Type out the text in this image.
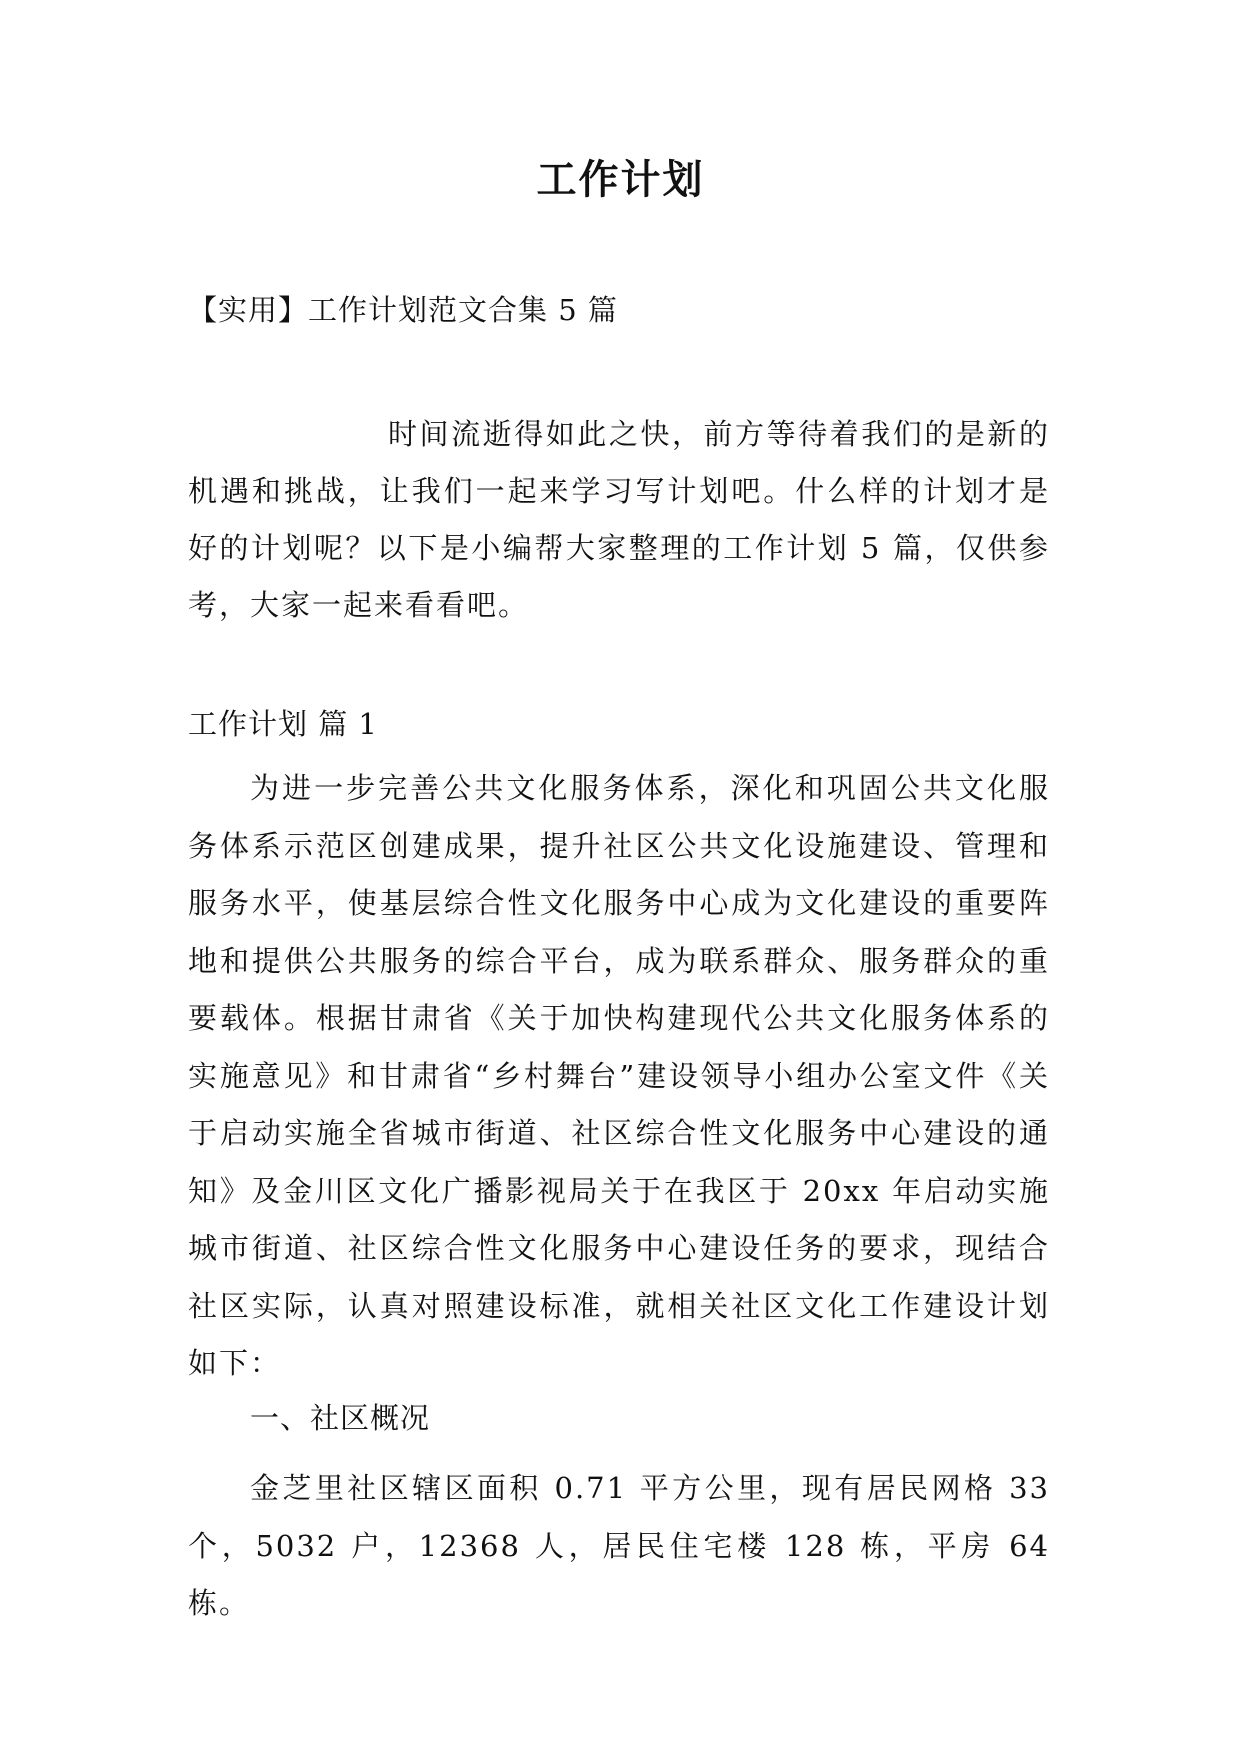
工作计划

【实用】工作计划范文合集 5 篇

时间流逝得如此之快，前方等待着我们的是新的机遇和挑战，让我们一起来学习写计划吧。什么样的计划才是好的计划呢？以下是小编帮大家整理的工作计划 5 篇，仅供参考，大家一起来看看吧。

工作计划 篇 1

为进一步完善公共文化服务体系，深化和巩固公共文化服务体系示范区创建成果，提升社区公共文化设施建设、管理和服务水平，使基层综合性文化服务中心成为文化建设的重要阵地和提供公共服务的综合平台，成为联系群众、服务群众的重要载体。根据甘肃省《关于加快构建现代公共文化服务体系的实施意见》和甘肃省“乡村舞台”建设领导小组办公室文件《关于启动实施全省城市街道、社区综合性文化服务中心建设的通知》及金川区文化广播影视局关于在我区于 20xx 年启动实施城市街道、社区综合性文化服务中心建设任务的要求，现结合社区实际，认真对照建设标准，就相关社区文化工作建设计划如下：

一、社区概况

金芝里社区辖区面积 0.71 平方公里，现有居民网格 33 个，5032 户，12368 人，居民住宅楼 128 栋，平房 64 栋。
